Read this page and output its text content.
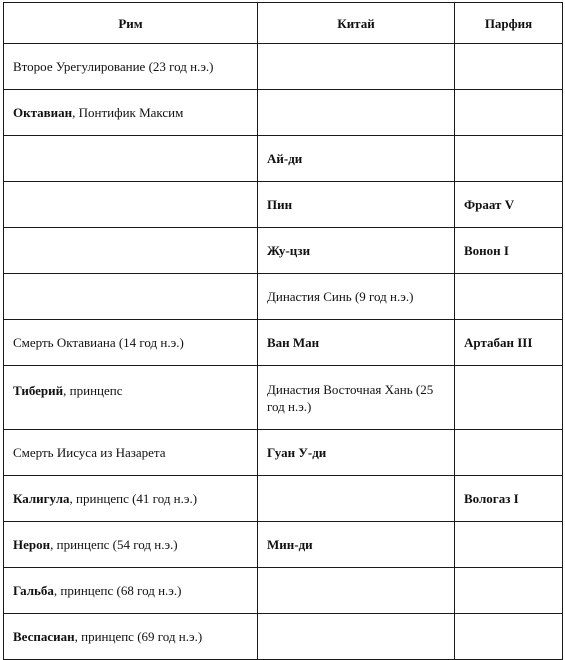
Рим	Китай	Парфия
Второе Урегулирование (23 год н.э.)		
Октавиан, Понтифик Максим		
	Ай-ди	
	Пин	Фраат V
	Жу-цзи	Вонон I
	Династия Синь (9 год н.э.)	
Смерть Октавиана (14 год н.э.)	Ван Ман	Артабан III
Тиберий, принцепс	Династия Восточная Хань (25 год н.э.)	
Смерть Иисуса из Назарета	Гуан У-ди	
Калигула, принцепс (41 год н.э.)		Вологаз I
Нерон, принцепс (54 год н.э.)	Мин-ди	
Гальба, принцепс (68 год н.э.)		
Веспасиан, принцепс (69 год н.э.)		
